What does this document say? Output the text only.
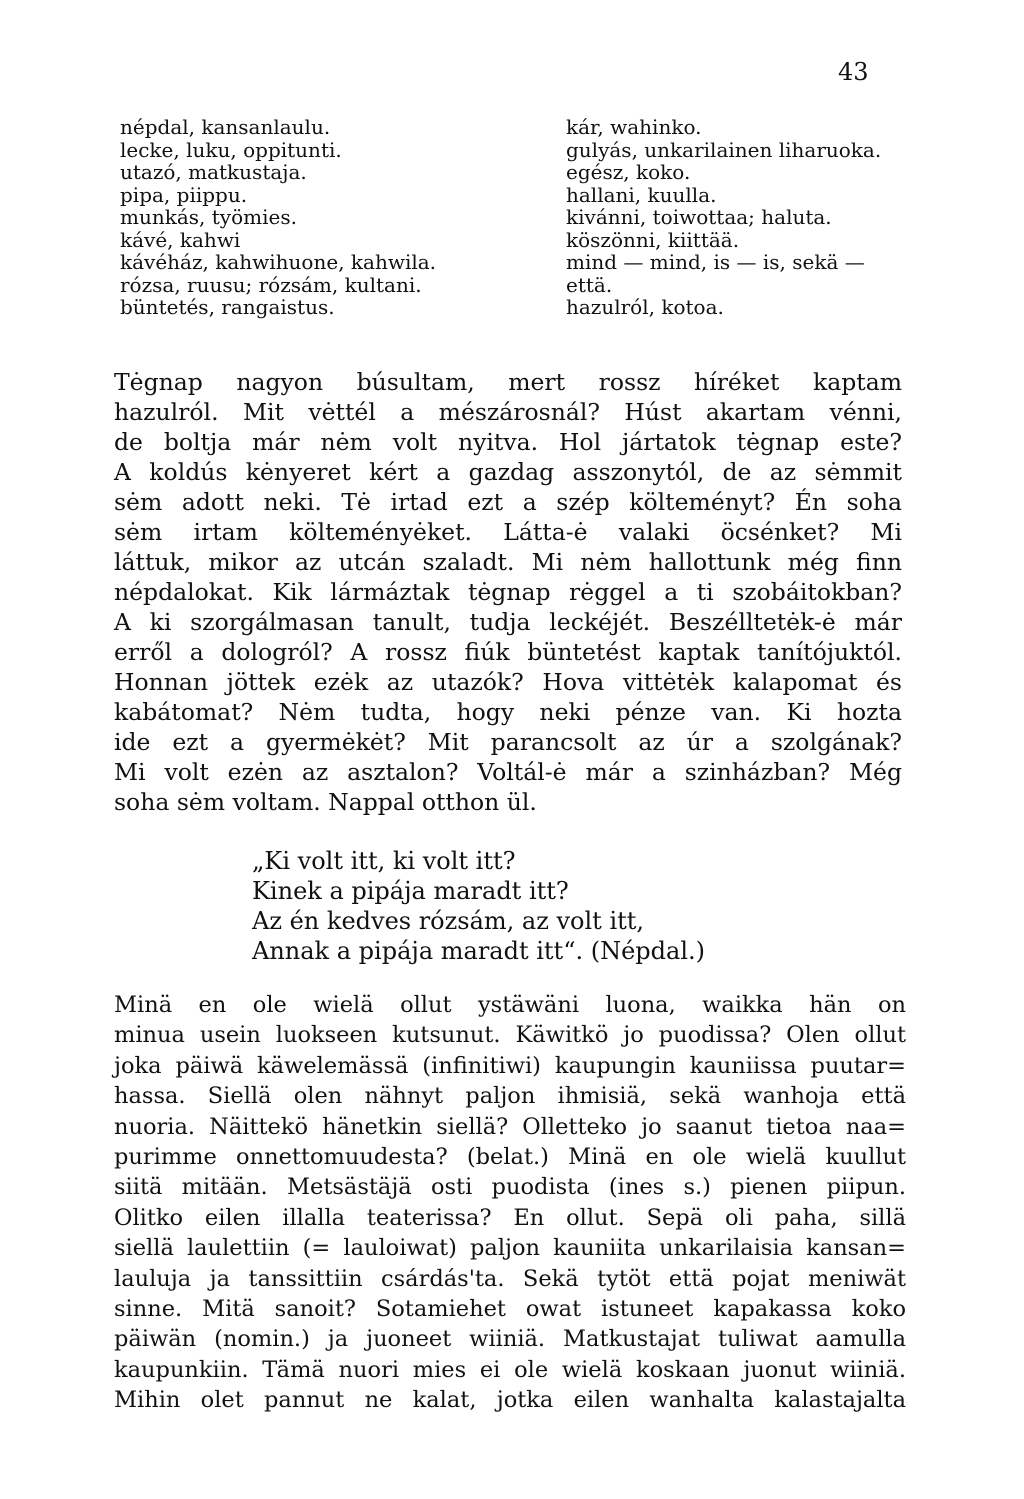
43
népdal, kansanlaulu.
lecke, luku, oppitunti.
utazó, matkustaja.
pipa, piippu.
munkás, työmies.
kávé, kahwi
kávéház, kahwihuone, kahwila.
rózsa, ruusu; rózsám, kultani.
büntetés, rangaistus.
kár, wahinko.
gulyás, unkarilainen lih​aruoka.
egész, koko.
hallani, kuulla.
kivánni, toiwottaa; haluta.
köszönni, kiittää.
mind — mind, is — is, sekä —
että.
hazulról, kotoa.
Tėgnap nagyon búsultam, mert rossz híréket kaptam
hazulról. Mit vėttél a mészárosnál? Húst akartam vénni,
de boltja már nėm volt nyitva. Hol jártatok tėgnap este?
A koldús kėnyeret kért a gazdag asszonytól, de az sėmmit
sėm adott neki. Tė irtad ezt a szép költeményt? Én soha
sėm irtam költeményėket. Látta-ė valaki öcsénket? Mi
láttuk, mikor az utcán szaladt. Mi nėm hallottunk még finn
népdalokat. Kik lármáztak tėgnap rėggel a ti szobáitokban?
A ki szorgálmasan tanult, tudja leckéjét. Beszélltetėk-ė már
erről a dologról? A rossz fiúk büntetést kaptak tanítójuktól.
Honnan jöttek ezėk az utazók? Hova vittėtėk kalapomat és
kabátomat? Nėm tudta, hogy neki pénze van. Ki hozta
ide ezt a gyermėkėt? Mit parancsolt az úr a szolgának?
Mi volt ezėn az asztalon? Voltál-ė már a szinházban? Még
soha sėm voltam. Nappal otthon ül.
„Ki volt itt, ki volt itt?
Kinek a pipája maradt itt?
Az én kedves rózsám, az volt itt,
Annak a pipája maradt itt“. (Népdal.)
Minä en ole wielä ollut ystäwäni luona, waikka hän on
minua usein luokseen kutsunut. Käwitkö jo puodissa? Olen ollut
joka päiwä käwelemässä (infinitiwi) kaupungin kauniissa puutar=
hassa. Siellä olen nähnyt paljon ihmisiä, sekä wanhoja että
nuoria. Näittekö hänetkin siellä? Olletteko jo saanut tietoa naa=
purimme onnettomuudesta? (belat.) Minä en ole wielä kuullut
siitä mitään. Metsästäjä osti puodista (ines s.) pienen piipun.
Olitko eilen illalla teaterissa? En ollut. Sepä oli paha, sillä
siellä laulettiin (= lauloiwat) paljon kauniita unkarilaisia kansan=
lauluja ja tanssittiin csárdás'ta. Sekä tytöt että pojat meniwät
sinne. Mitä sanoit? Sotamiehet owat istuneet kapakassa koko
päiwän (nomin.) ja juoneet wiiniä. Matkustajat tuliwat aamulla
kaupunkiin. Tämä nuori mies ei ole wielä koskaan juonut wiiniä.
Mihin olet pannut ne kalat, jotka eilen wanhalta kalastajalta
